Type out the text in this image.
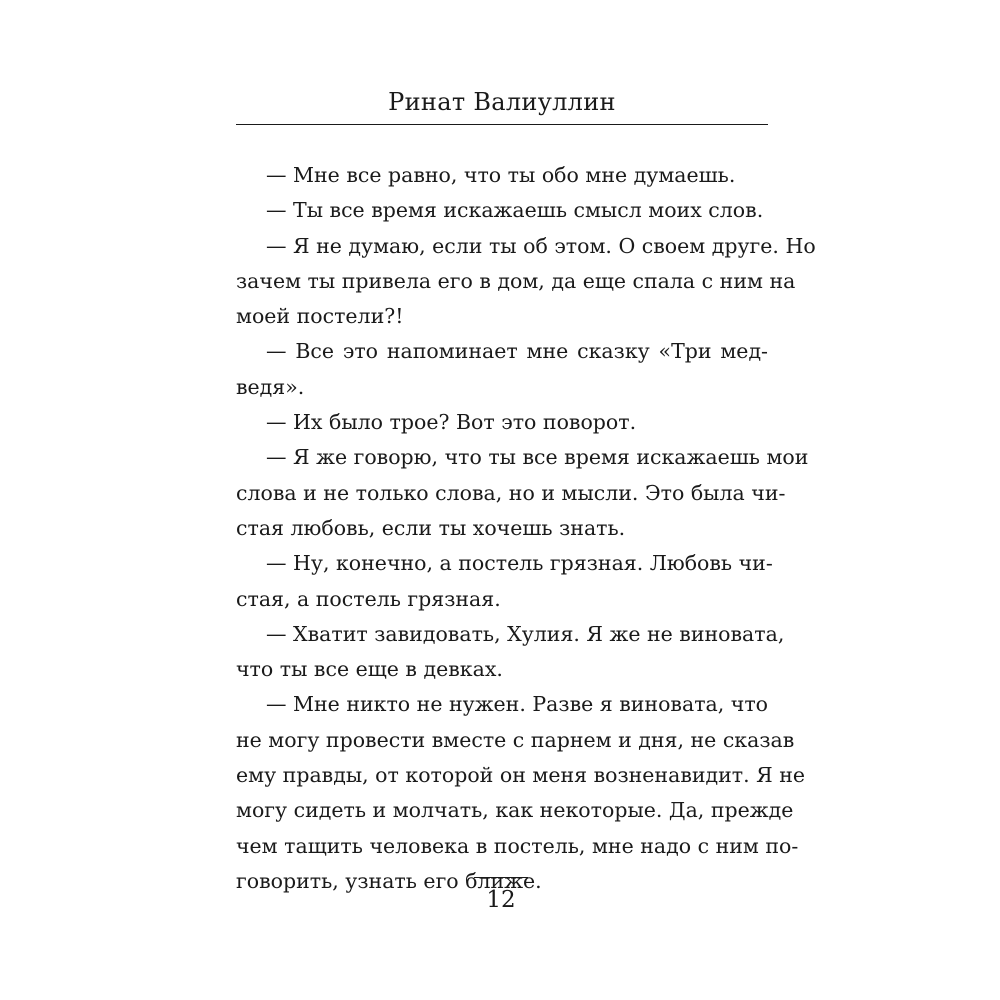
Ринат Валиуллин
— Мне все равно, что ты обо мне думаешь.
— Ты все время искажаешь смысл моих слов.
— Я не думаю, если ты об этом. О своем друге. Но
зачем ты привела его в дом, да еще спала с ним на
моей постели?!
— Все это напоминает мне сказку «Три мед-
ведя».
— Их было трое? Вот это поворот.
— Я же говорю, что ты все время искажаешь мои
слова и не только слова, но и мысли. Это была чи-
стая любовь, если ты хочешь знать.
— Ну, конечно, а постель грязная. Любовь чи-
стая, а постель грязная.
— Хватит завидовать, Хулия. Я же не виновата,
что ты все еще в девках.
— Мне никто не нужен. Разве я виновата, что
не могу провести вместе с парнем и дня, не сказав
ему правды, от которой он меня возненавидит. Я не
могу сидеть и молчать, как некоторые. Да, прежде
чем тащить человека в постель, мне надо с ним по-
говорить, узнать его ближе.
12
